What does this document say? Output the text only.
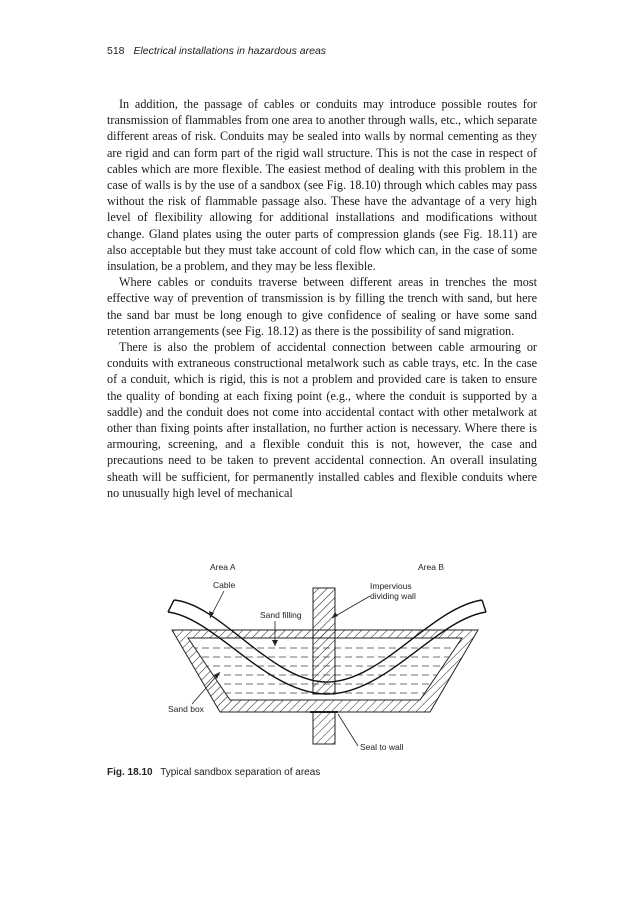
518 Electrical installations in hazardous areas

In addition, the passage of cables or conduits may introduce possible routes for transmission of flammables from one area to another through walls, etc., which separate different areas of risk. Conduits may be sealed into walls by normal cementing as they are rigid and can form part of the rigid wall structure. This is not the case in respect of cables which are more flexible. The easiest method of dealing with this problem in the case of walls is by the use of a sandbox (see Fig. 18.10) through which cables may pass without the risk of flammable passage also. These have the advantage of a very high level of flexibility allowing for additional installations and modifications without change. Gland plates using the outer parts of compression glands (see Fig. 18.11) are also acceptable but they must take account of cold flow which can, in the case of some insulation, be a problem, and they may be less flexible.

Where cables or conduits traverse between different areas in trenches the most effective way of prevention of transmission is by filling the trench with sand, but here the sand bar must be long enough to give confidence of sealing or have some sand retention arrangements (see Fig. 18.12) as there is the possibility of sand migration.

There is also the problem of accidental connection between cable armouring or conduits with extraneous constructional metalwork such as cable trays, etc. In the case of a conduit, which is rigid, this is not a problem and provided care is taken to ensure the quality of bonding at each fixing point (e.g., where the conduit is supported by a saddle) and the conduit does not come into accidental contact with other metalwork at other than fixing points after installation, no further action is necessary. Where there is armouring, screening, and a flexible conduit this is not, however, the case and precautions need to be taken to prevent accidental connection. An overall insulating sheath will be sufficient, for permanently installed cables and flexible conduits where no unusually high level of mechanical

Area A	Area B
Cable	Impervious
dividing wall
Sand filling
Sand box
Seal to wall
Fig. 18.10 Typical sandbox separation of areas
